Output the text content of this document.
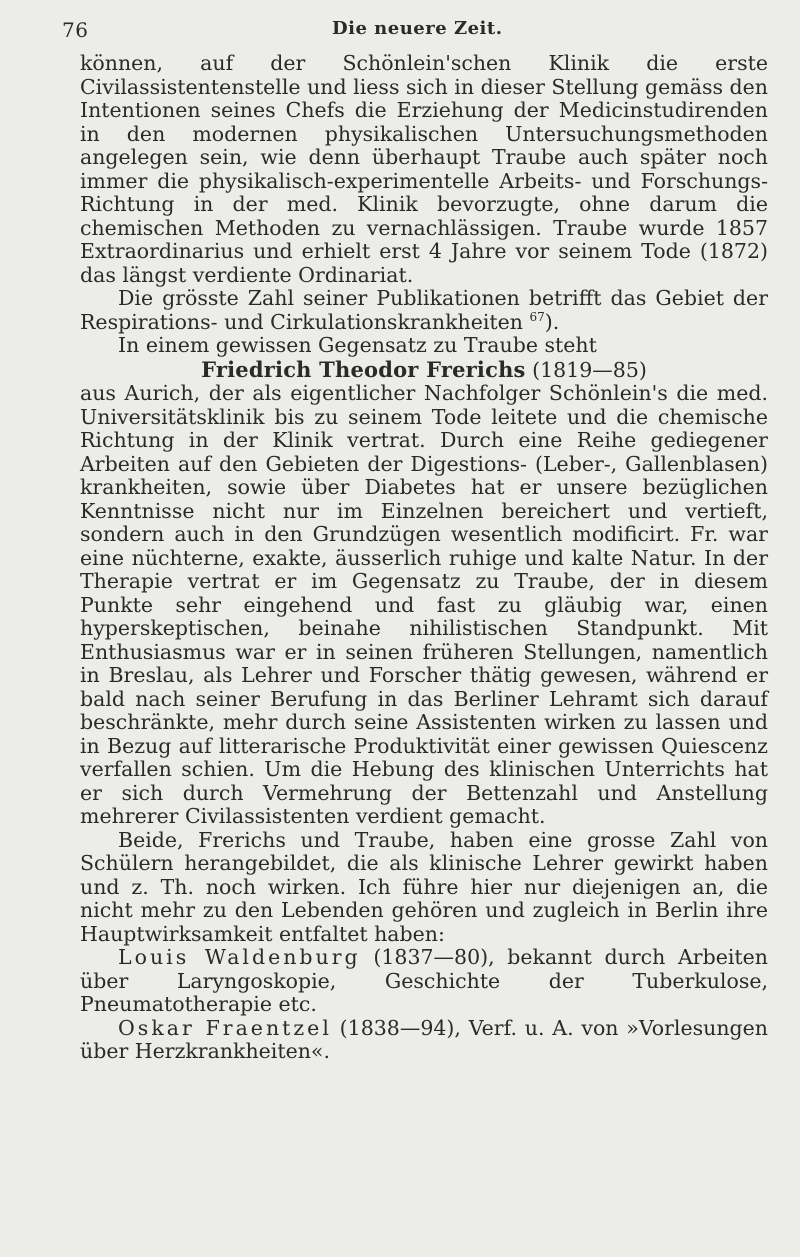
76	Die neuere Zeit.

können, auf der Schönlein'schen Klinik die erste Civilassistentenstelle und liess sich in dieser Stellung gemäss den Intentionen seines Chefs die Erziehung der Medicinstudirenden in den modernen physikalischen Untersuchungsmethoden angelegen sein, wie denn überhaupt Traube auch später noch immer die physikalisch-experimentelle Arbeits- und Forschungs-Richtung in der med. Klinik bevorzugte, ohne darum die chemischen Methoden zu vernachlässigen. Traube wurde 1857 Extraordinarius und erhielt erst 4 Jahre vor seinem Tode (1872) das längst verdiente Ordinariat.

Die grösste Zahl seiner Publikationen betrifft das Gebiet der Respirations- und Cirkulationskrankheiten $^{67}$).

In einem gewissen Gegensatz zu Traube steht

Friedrich Theodor Frerichs (1819—85)

aus Aurich, der als eigentlicher Nachfolger Schönlein's die med. Universitätsklinik bis zu seinem Tode leitete und die chemische Richtung in der Klinik vertrat. Durch eine Reihe gediegener Arbeiten auf den Gebieten der Digestions- (Leber-, Gallenblasen) krankheiten, sowie über Diabetes hat er unsere bezüglichen Kenntnisse nicht nur im Einzelnen bereichert und vertieft, sondern auch in den Grundzügen wesentlich modificirt. Fr. war eine nüchterne, exakte, äusserlich ruhige und kalte Natur. In der Therapie vertrat er im Gegensatz zu Traube, der in diesem Punkte sehr eingehend und fast zu gläubig war, einen hyperskeptischen, beinahe nihilistischen Standpunkt. Mit Enthusiasmus war er in seinen früheren Stellungen, namentlich in Breslau, als Lehrer und Forscher thätig gewesen, während er bald nach seiner Berufung in das Berliner Lehramt sich darauf beschränkte, mehr durch seine Assistenten wirken zu lassen und in Bezug auf litterarische Produktivität einer gewissen Quiescenz verfallen schien. Um die Hebung des klinischen Unterrichts hat er sich durch Vermehrung der Bettenzahl und Anstellung mehrerer Civilassistenten verdient gemacht.

Beide, Frerichs und Traube, haben eine grosse Zahl von Schülern herangebildet, die als klinische Lehrer gewirkt haben und z. Th. noch wirken. Ich führe hier nur diejenigen an, die nicht mehr zu den Lebenden gehören und zugleich in Berlin ihre Hauptwirksamkeit entfaltet haben:

Louis Waldenburg (1837—80), bekannt durch Arbeiten über Laryngoskopie, Geschichte der Tuberkulose, Pneumatotherapie etc.

Oskar Fraentzel (1838—94), Verf. u. A. von »Vorlesungen über Herzkrankheiten«.
